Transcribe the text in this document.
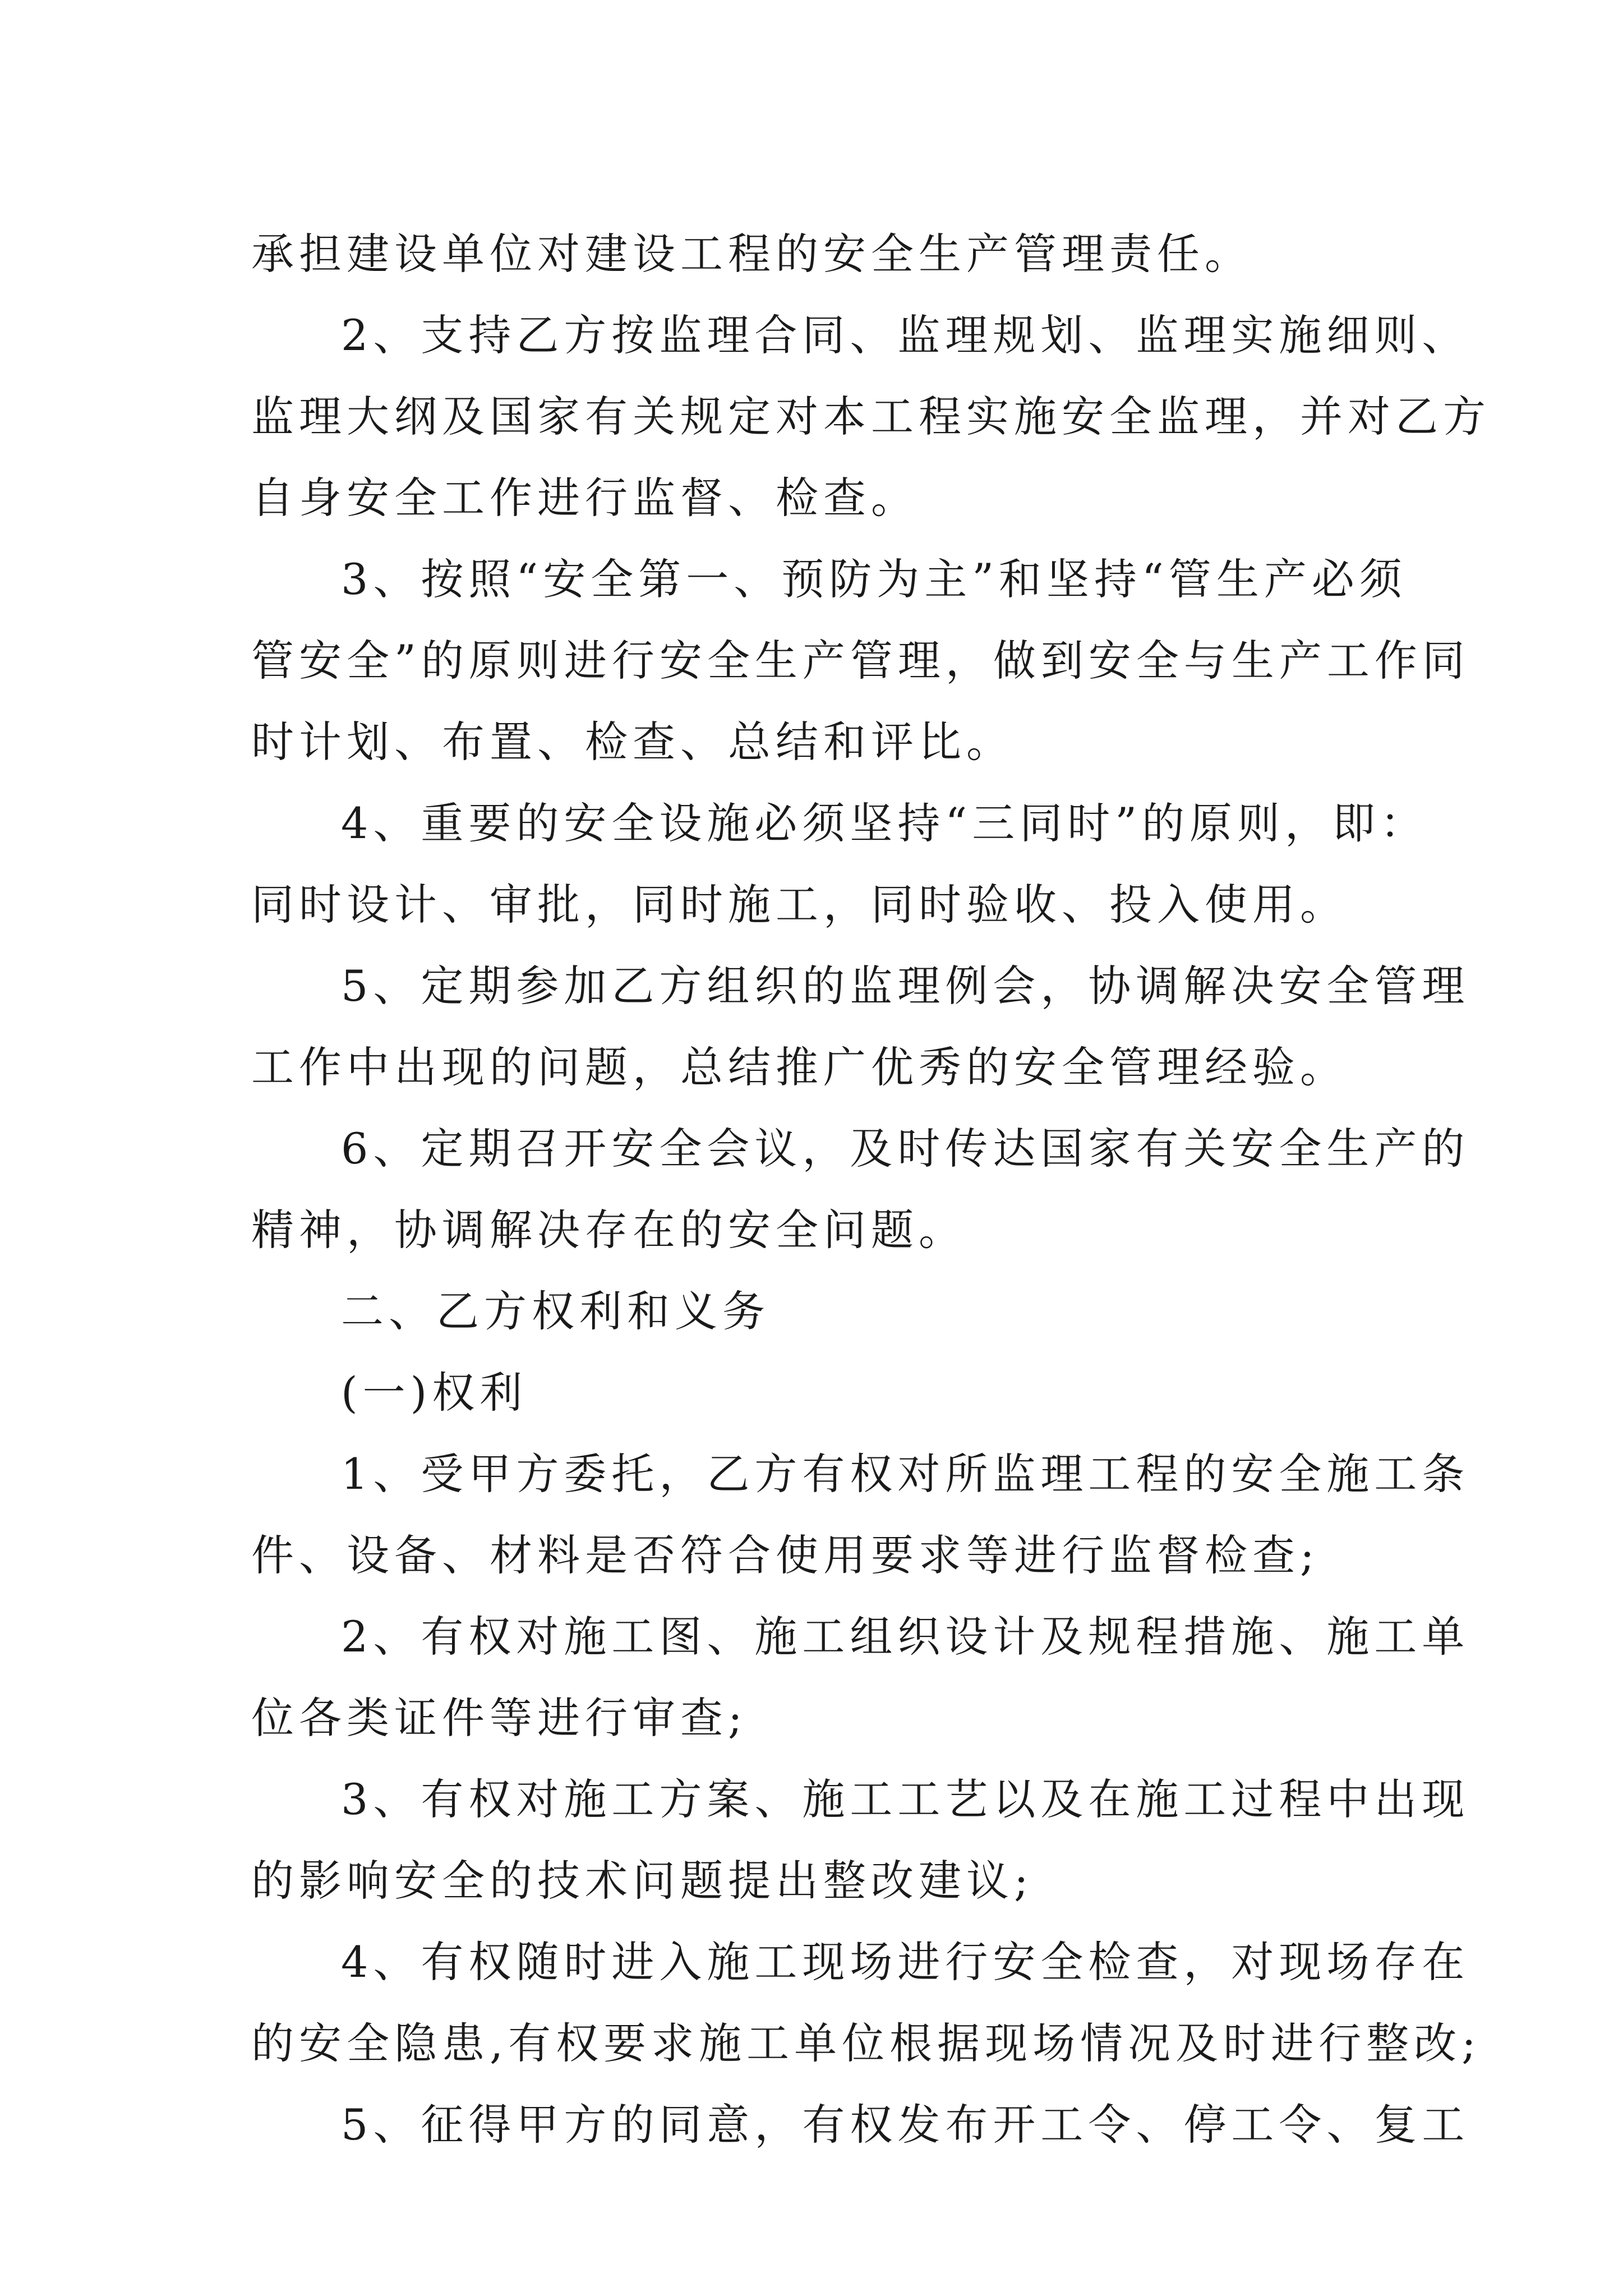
承担建设单位对建设工程的安全生产管理责任。
2、支持乙方按监理合同、监理规划、监理实施细则、
监理大纲及国家有关规定对本工程实施安全监理，并对乙方
自身安全工作进行监督、检查。
3、按照“安全第一、预防为主”和坚持“管生产必须
管安全”的原则进行安全生产管理，做到安全与生产工作同
时计划、布置、检查、总结和评比。
4、重要的安全设施必须坚持“三同时”的原则，即：
同时设计、审批，同时施工，同时验收、投入使用。
5、定期参加乙方组织的监理例会，协调解决安全管理
工作中出现的问题，总结推广优秀的安全管理经验。
6、定期召开安全会议，及时传达国家有关安全生产的
精神，协调解决存在的安全问题。
二、乙方权利和义务
(一)权利
1、受甲方委托，乙方有权对所监理工程的安全施工条
件、设备、材料是否符合使用要求等进行监督检查;
2、有权对施工图、施工组织设计及规程措施、施工单
位各类证件等进行审查;
3、有权对施工方案、施工工艺以及在施工过程中出现
的影响安全的技术问题提出整改建议;
4、有权随时进入施工现场进行安全检查，对现场存在
的安全隐患,有权要求施工单位根据现场情况及时进行整改;
5、征得甲方的同意，有权发布开工令、停工令、复工
